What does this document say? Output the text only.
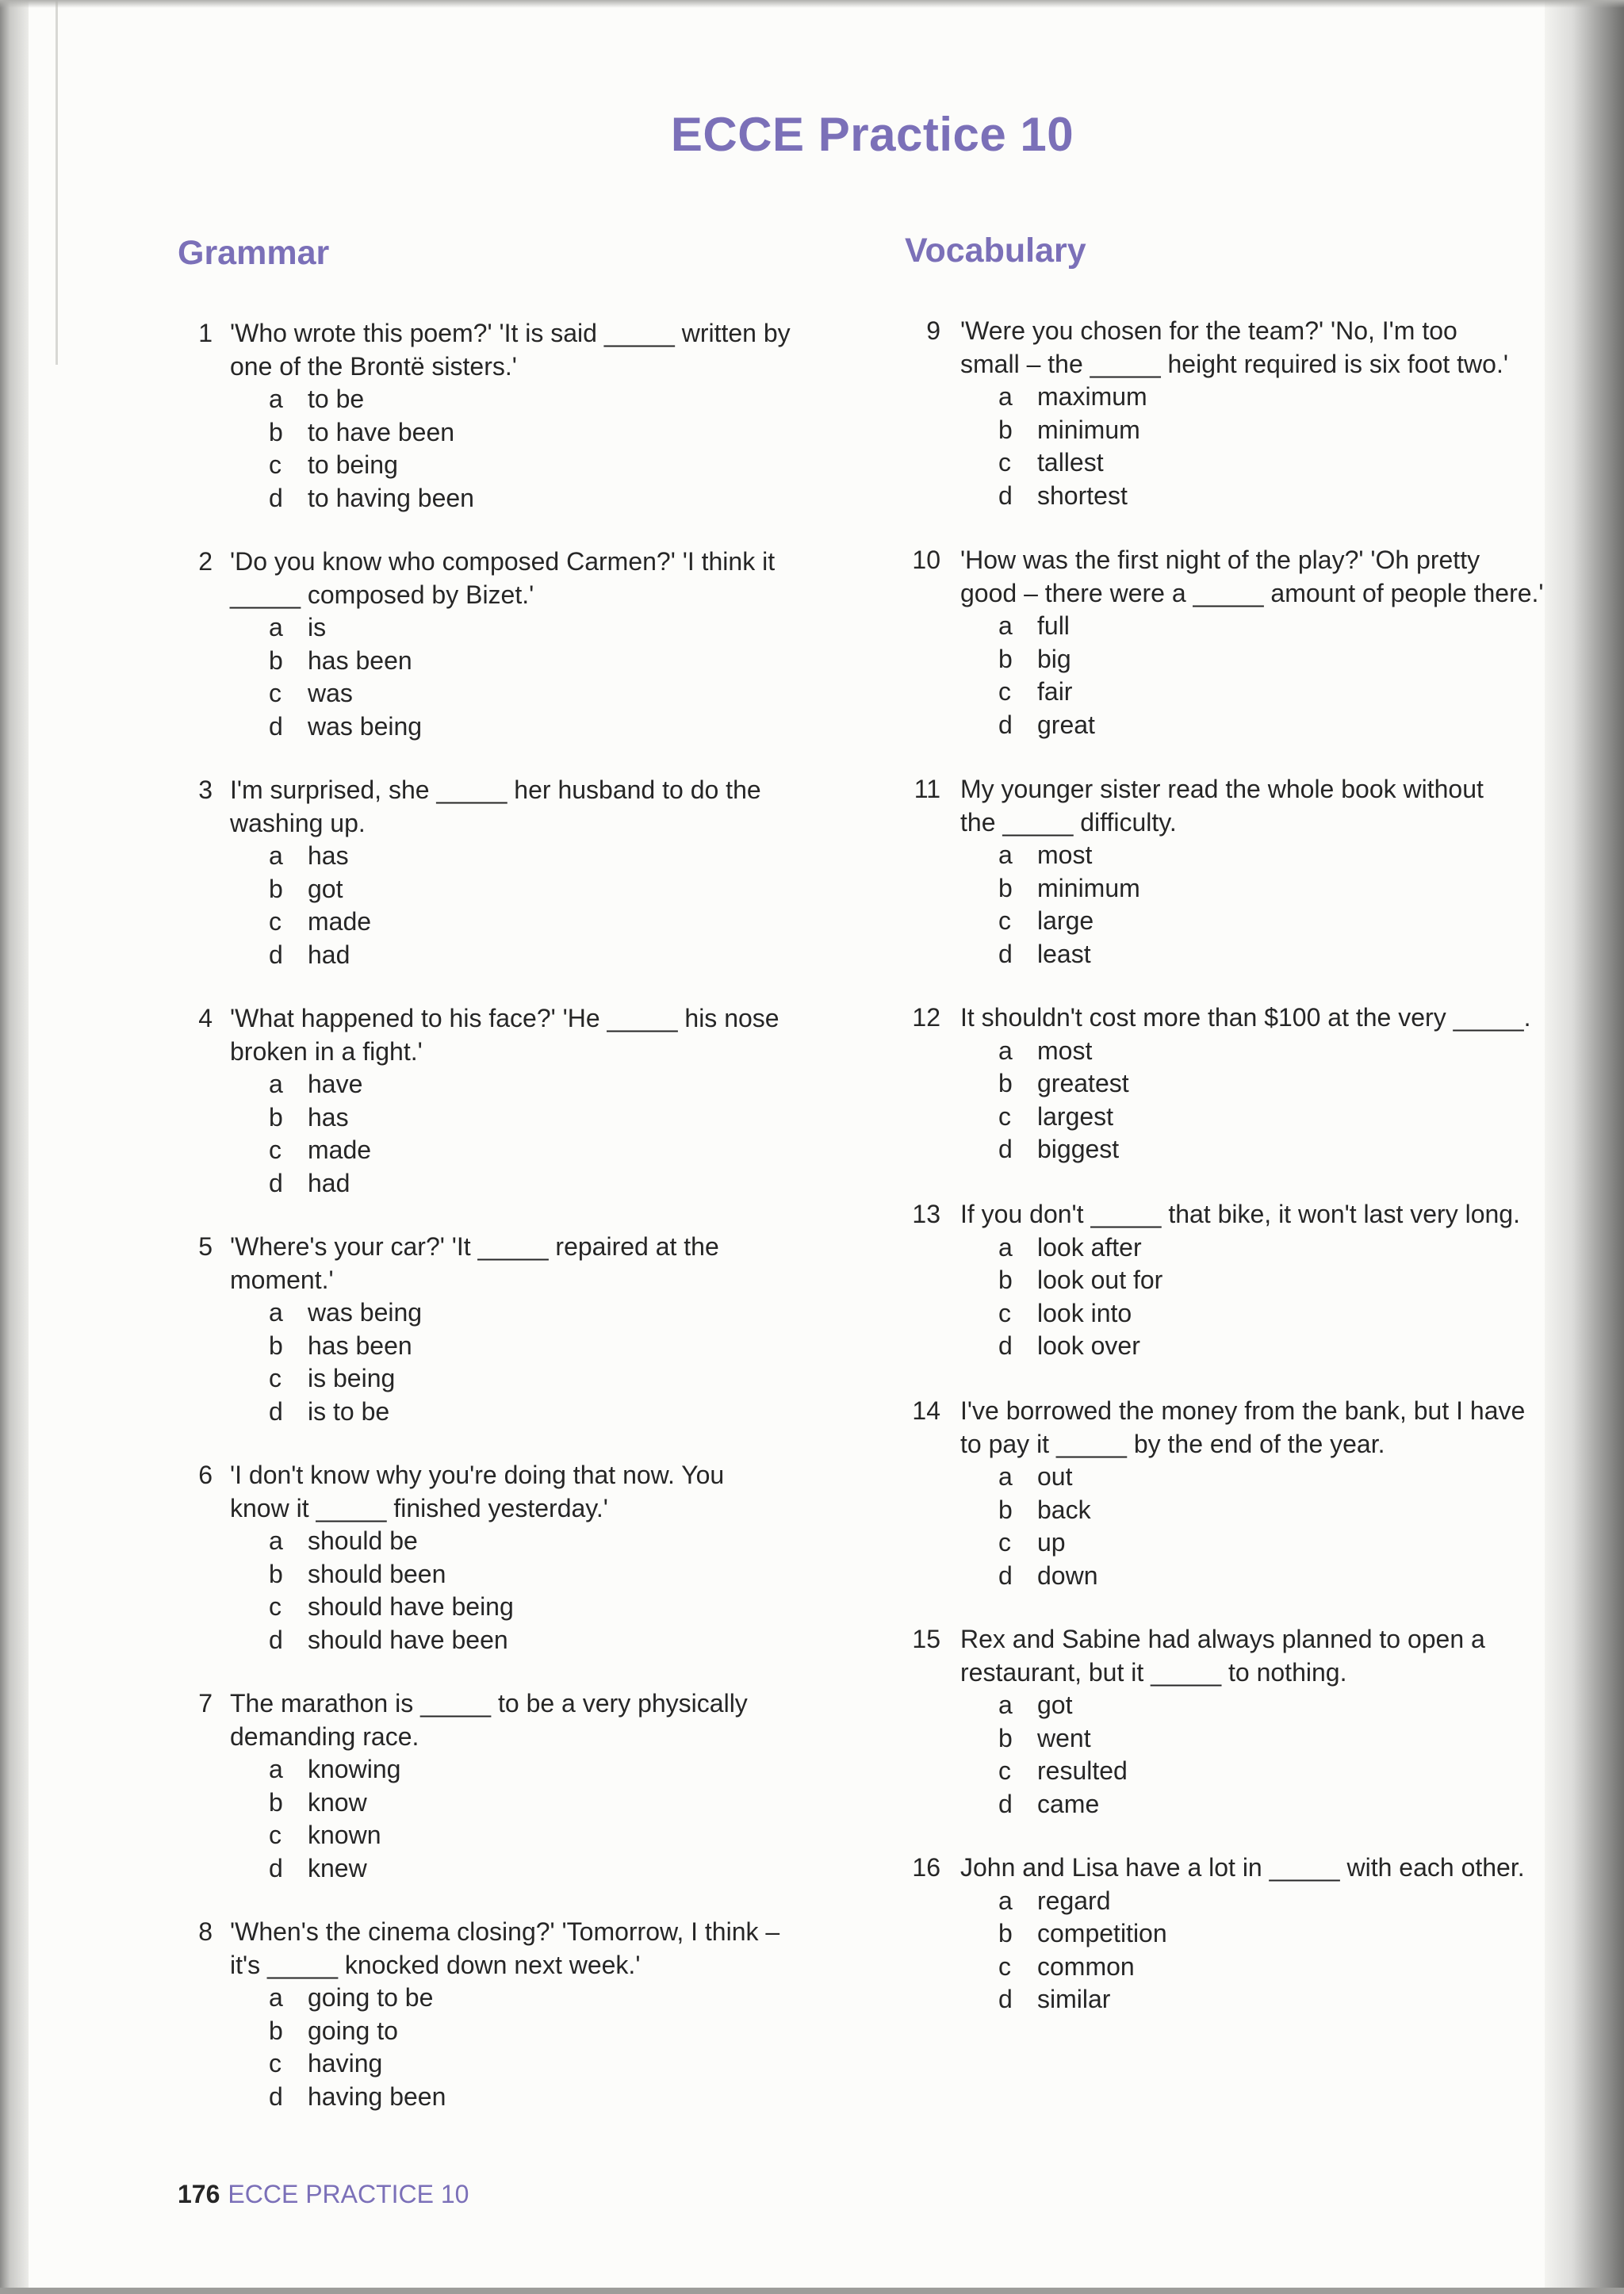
ECCE Practice 10
Grammar	Vocabulary
1 'Who wrote this poem?' 'It is said _____ written by
one of the Brontë sisters.'
a to be
b to have been
c to being
d to having been
2 'Do you know who composed Carmen?' 'I think it
_____ composed by Bizet.'
a is
b has been
c was
d was being
3 I'm surprised, she _____ her husband to do the
washing up.
a has
b got
c made
d had
4 'What happened to his face?' 'He _____ his nose
broken in a fight.'
a have
b has
c made
d had
5 'Where's your car?' 'It _____ repaired at the
moment.'
a was being
b has been
c is being
d is to be
6 'I don't know why you're doing that now. You
know it _____ finished yesterday.'
a should be
b should been
c should have being
d should have been
7 The marathon is _____ to be a very physically
demanding race.
a knowing
b know
c known
d knew
8 'When's the cinema closing?' 'Tomorrow, I think –
it's _____ knocked down next week.'
a going to be
b going to
c having
d having been
9 'Were you chosen for the team?' 'No, I'm too
small – the _____ height required is six foot two.'
a maximum
b minimum
c tallest
d shortest
10 'How was the first night of the play?' 'Oh pretty
good – there were a _____ amount of people there.'
a full
b big
c fair
d great
11 My younger sister read the whole book without
the _____ difficulty.
a most
b minimum
c large
d least
12 It shouldn't cost more than $100 at the very _____.
a most
b greatest
c largest
d biggest
13 If you don't _____ that bike, it won't last very long.
a look after
b look out for
c look into
d look over
14 I've borrowed the money from the bank, but I have
to pay it _____ by the end of the year.
a out
b back
c up
d down
15 Rex and Sabine had always planned to open a
restaurant, but it _____ to nothing.
a got
b went
c resulted
d came
16 John and Lisa have a lot in _____ with each other.
a regard
b competition
c common
d similar
176 ECCE PRACTICE 10
